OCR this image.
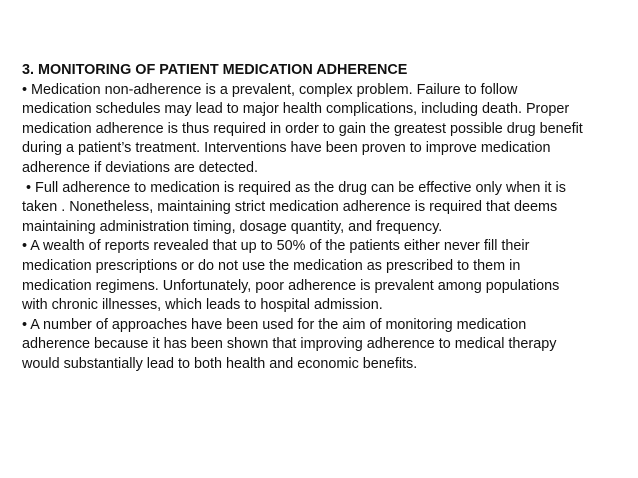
3. MONITORING OF PATIENT MEDICATION ADHERENCE
• Medication non-adherence is a prevalent, complex problem. Failure to follow
medication schedules may lead to major health complications, including death. Proper
medication adherence is thus required in order to gain the greatest possible drug benefit
during a patient’s treatment. Interventions have been proven to improve medication
adherence if deviations are detected.
• Full adherence to medication is required as the drug can be effective only when it is
taken . Nonetheless, maintaining strict medication adherence is required that deems
maintaining administration timing, dosage quantity, and frequency.
• A wealth of reports revealed that up to 50% of the patients either never fill their
medication prescriptions or do not use the medication as prescribed to them in
medication regimens. Unfortunately, poor adherence is prevalent among populations
with chronic illnesses, which leads to hospital admission.
• A number of approaches have been used for the aim of monitoring medication
adherence because it has been shown that improving adherence to medical therapy
would substantially lead to both health and economic benefits.
